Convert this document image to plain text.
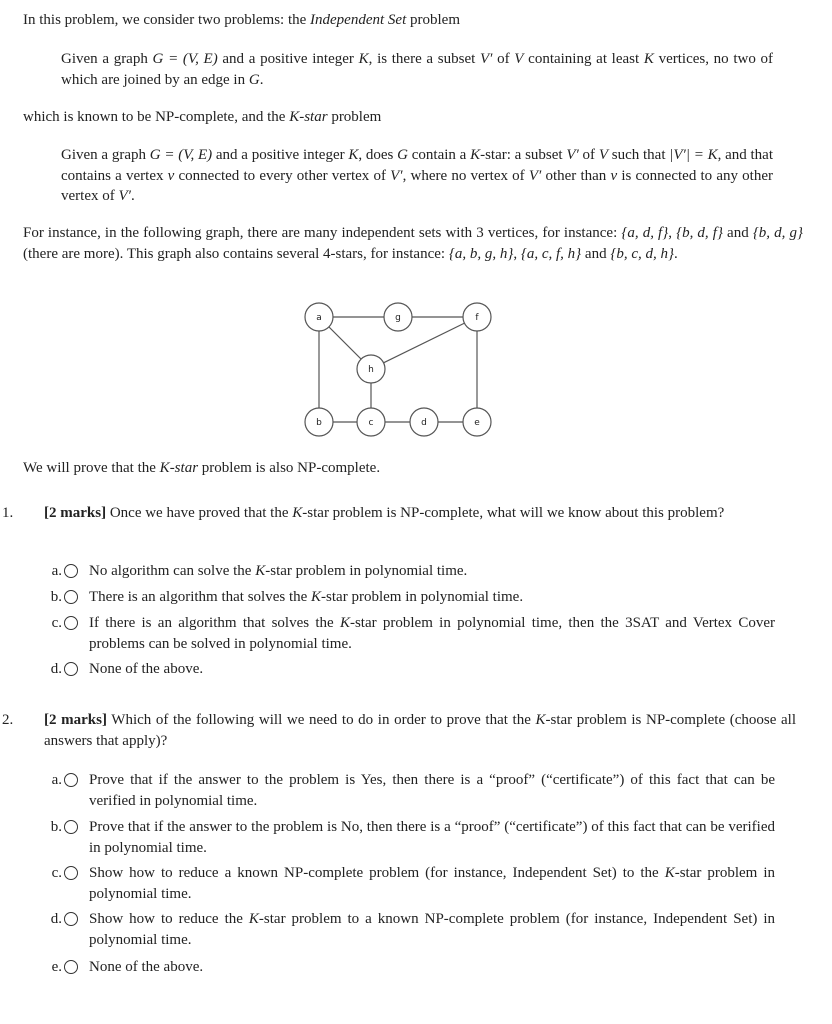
In this problem, we consider two problems: the Independent Set problem
Given a graph G = (V, E) and a positive integer K, is there a subset V′ of V containing at least K vertices, no two of which are joined by an edge in G.
which is known to be NP-complete, and the K-star problem
Given a graph G = (V, E) and a positive integer K, does G contain a K-star: a subset V′ of V such that |V′| = K, and that contains a vertex v connected to every other vertex of V′, where no vertex of V′ other than v is connected to any other vertex of V′.
For instance, in the following graph, there are many independent sets with 3 vertices, for instance: {a, d, f}, {b, d, f} and {b, d, g} (there are more). This graph also contains several 4-stars, for instance: {a, b, g, h}, {a, c, f, h} and {b, c, d, h}.
a	g	f
h
b	c	d	e
We will prove that the K-star problem is also NP-complete.
1. [2 marks] Once we have proved that the K-star problem is NP-complete, what will we know about this problem?
a. No algorithm can solve the K-star problem in polynomial time.
b. There is an algorithm that solves the K-star problem in polynomial time.
c. If there is an algorithm that solves the K-star problem in polynomial time, then the 3SAT and Vertex Cover problems can be solved in polynomial time.
d. None of the above.
2. [2 marks] Which of the following will we need to do in order to prove that the K-star problem is NP-complete (choose all answers that apply)?
a. Prove that if the answer to the problem is Yes, then there is a “proof” (“certificate”) of this fact that can be verified in polynomial time.
b. Prove that if the answer to the problem is No, then there is a “proof” (“certificate”) of this fact that can be verified in polynomial time.
c. Show how to reduce a known NP-complete problem (for instance, Independent Set) to the K-star problem in polynomial time.
d. Show how to reduce the K-star problem to a known NP-complete problem (for instance, Independent Set) in polynomial time.
e. None of the above.
